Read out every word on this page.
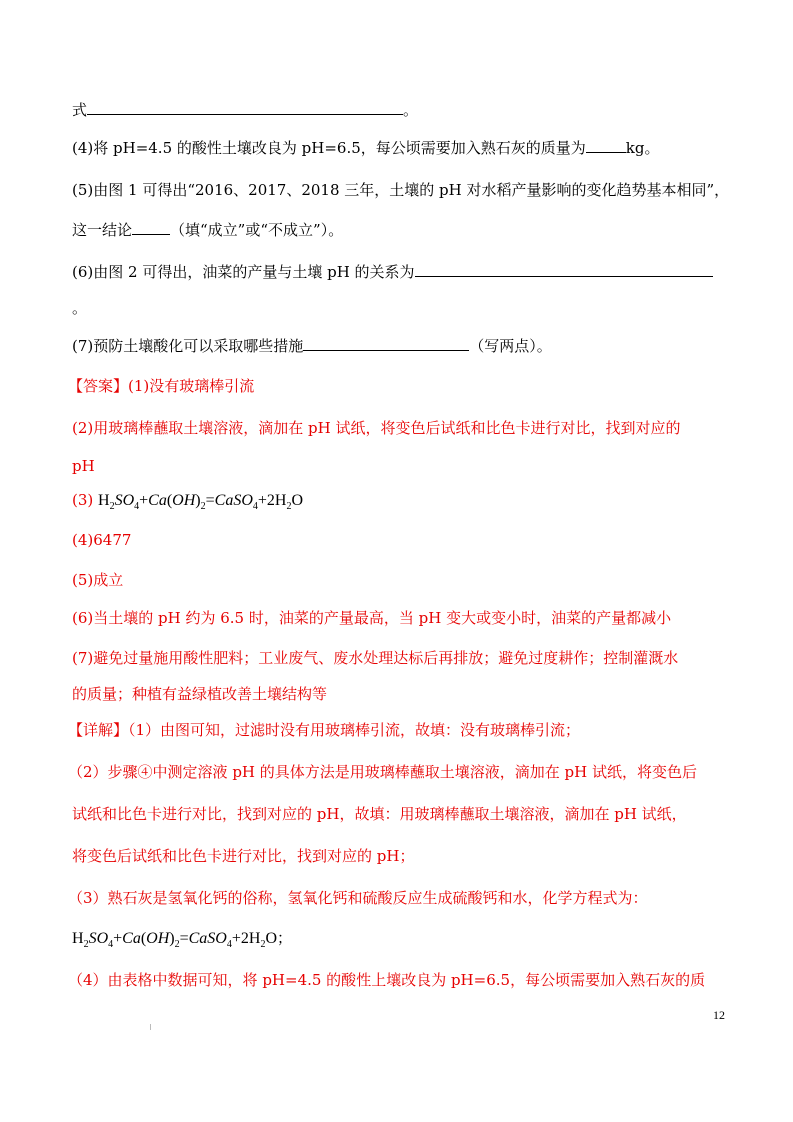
式	。
(4)将 pH=4.5 的酸性土壤改良为 pH=6.5，每公顷需要加入熟石灰的质量为	kg。
(5)由图 1 可得出“2016、2017、2018 三年，土壤的 pH 对水稻产量影响的变化趋势基本相同”，
这一结论	（填“成立”或“不成立”）。
(6)由图 2 可得出，油菜的产量与土壤 pH 的关系为
。
(7)预防土壤酸化可以采取哪些措施	（写两点）。
【答案】(1)没有玻璃棒引流
(2)用玻璃棒蘸取土壤溶液，滴加在 pH 试纸，将变色后试纸和比色卡进行对比，找到对应的
pH
(3) $H_2SO_4+Ca(OH)_2=CaSO_4+2H_2O$
(4)6477
(5)成立
(6)当土壤的 pH 约为 6.5 时，油菜的产量最高，当 pH 变大或变小时，油菜的产量都减小
(7)避免过量施用酸性肥料；工业废气、废水处理达标后再排放；避免过度耕作；控制灌溉水
的质量；种植有益绿植改善土壤结构等
【详解】（1）由图可知，过滤时没有用玻璃棒引流，故填：没有玻璃棒引流；
（2）步骤④中测定溶液 pH 的具体方法是用玻璃棒蘸取土壤溶液，滴加在 pH 试纸，将变色后
试纸和比色卡进行对比，找到对应的 pH，故填：用玻璃棒蘸取土壤溶液，滴加在 pH 试纸，
将变色后试纸和比色卡进行对比，找到对应的 pH；
（3）熟石灰是氢氧化钙的俗称，氢氧化钙和硫酸反应生成硫酸钙和水，化学方程式为：
$H_2SO_4+Ca(OH)_2=CaSO_4+2H_2O$；
（4）由表格中数据可知，将 pH=4.5 的酸性上壤改良为 pH=6.5，每公顷需要加入熟石灰的质
12
